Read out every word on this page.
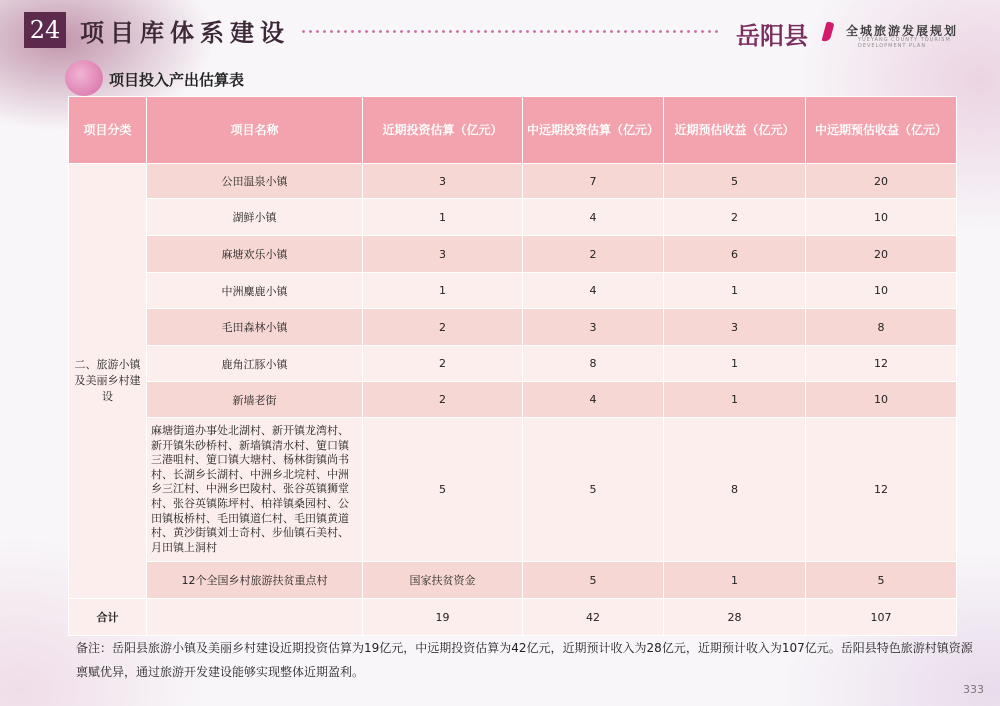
24 项目库体系建设	岳阳县	全城旅游发展规划
YUEYANG COUNTY TOURISM DEVELOPMENT PLAN
项目投入产出估算表
项目分类	项目名称	近期投资估算（亿元）	中远期投资估算（亿元）	近期预估收益（亿元）	中远期预估收益（亿元）
二、旅游小镇及美丽乡村建设	公田温泉小镇	3	7	5	20
	湖鲜小镇	1	4	2	10
	麻塘欢乐小镇	3	2	6	20
	中洲麋鹿小镇	1	4	1	10
	毛田森林小镇	2	3	3	8
	鹿角江豚小镇	2	8	1	12
	新墙老街	2	4	1	10
	麻塘街道办事处北湖村、新开镇龙湾村、新开镇朱砂桥村、新墙镇清水村、筻口镇三港咀村、筻口镇大塘村、杨林街镇尚书村、长湖乡长湖村、中洲乡北垸村、中洲乡三江村、中洲乡巴陵村、张谷英镇狮堂村、张谷英镇陈坪村、柏祥镇桑园村、公田镇板桥村、毛田镇道仁村、毛田镇黄道村、黄沙街镇刘士奇村、步仙镇石美村、月田镇上洞村	5	5	8	12
	12个全国乡村旅游扶贫重点村	国家扶贫资金	5	1	5
合计		19	42	28	107
备注：岳阳县旅游小镇及美丽乡村建设近期投资估算为19亿元，中远期投资估算为42亿元，近期预计收入为28亿元，近期预计收入为107亿元。岳阳县特色旅游村镇资源禀赋优异，通过旅游开发建设能够实现整体近期盈利。
333
